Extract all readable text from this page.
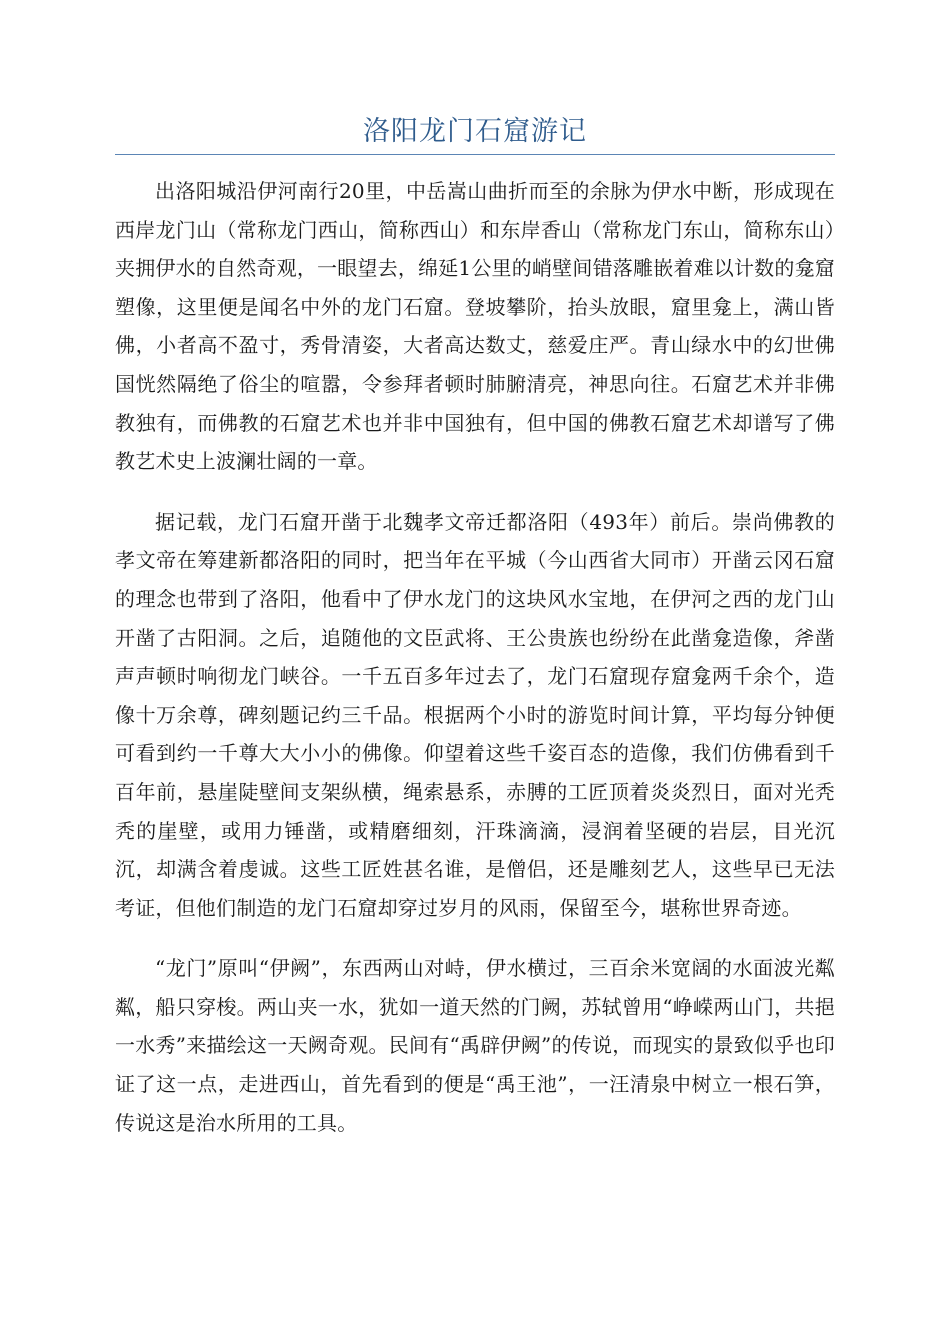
洛阳龙门石窟游记

出洛阳城沿伊河南行20里，中岳嵩山曲折而至的余脉为伊水中断，形成现在西岸龙门山（常称龙门西山，简称西山）和东岸香山（常称龙门东山，简称东山）夹拥伊水的自然奇观，一眼望去，绵延1公里的峭壁间错落雕嵌着难以计数的龛窟塑像，这里便是闻名中外的龙门石窟。登坡攀阶，抬头放眼，窟里龛上，满山皆佛，小者高不盈寸，秀骨清姿，大者高达数丈，慈爱庄严。青山绿水中的幻世佛国恍然隔绝了俗尘的喧嚣，令参拜者顿时肺腑清亮，神思向往。石窟艺术并非佛教独有，而佛教的石窟艺术也并非中国独有，但中国的佛教石窟艺术却谱写了佛教艺术史上波澜壮阔的一章。

据记载，龙门石窟开凿于北魏孝文帝迁都洛阳（493年）前后。崇尚佛教的孝文帝在筹建新都洛阳的同时，把当年在平城（今山西省大同市）开凿云冈石窟的理念也带到了洛阳，他看中了伊水龙门的这块风水宝地，在伊河之西的龙门山开凿了古阳洞。之后，追随他的文臣武将、王公贵族也纷纷在此凿龛造像，斧凿声声顿时响彻龙门峡谷。一千五百多年过去了，龙门石窟现存窟龛两千余个，造像十万余尊，碑刻题记约三千品。根据两个小时的游览时间计算，平均每分钟便可看到约一千尊大大小小的佛像。仰望着这些千姿百态的造像，我们仿佛看到千百年前，悬崖陡壁间支架纵横，绳索悬系，赤膊的工匠顶着炎炎烈日，面对光秃秃的崖壁，或用力锤凿，或精磨细刻，汗珠滴滴，浸润着坚硬的岩层，目光沉沉，却满含着虔诚。这些工匠姓甚名谁，是僧侣，还是雕刻艺人，这些早已无法考证，但他们制造的龙门石窟却穿过岁月的风雨，保留至今，堪称世界奇迹。

“龙门”原叫“伊阙”，东西两山对峙，伊水横过，三百余米宽阔的水面波光粼粼，船只穿梭。两山夹一水，犹如一道天然的门阙，苏轼曾用“峥嵘两山门，共挹一水秀”来描绘这一天阙奇观。民间有“禹辟伊阙”的传说，而现实的景致似乎也印证了这一点，走进西山，首先看到的便是“禹王池”，一汪清泉中树立一根石笋，传说这是治水所用的工具。
